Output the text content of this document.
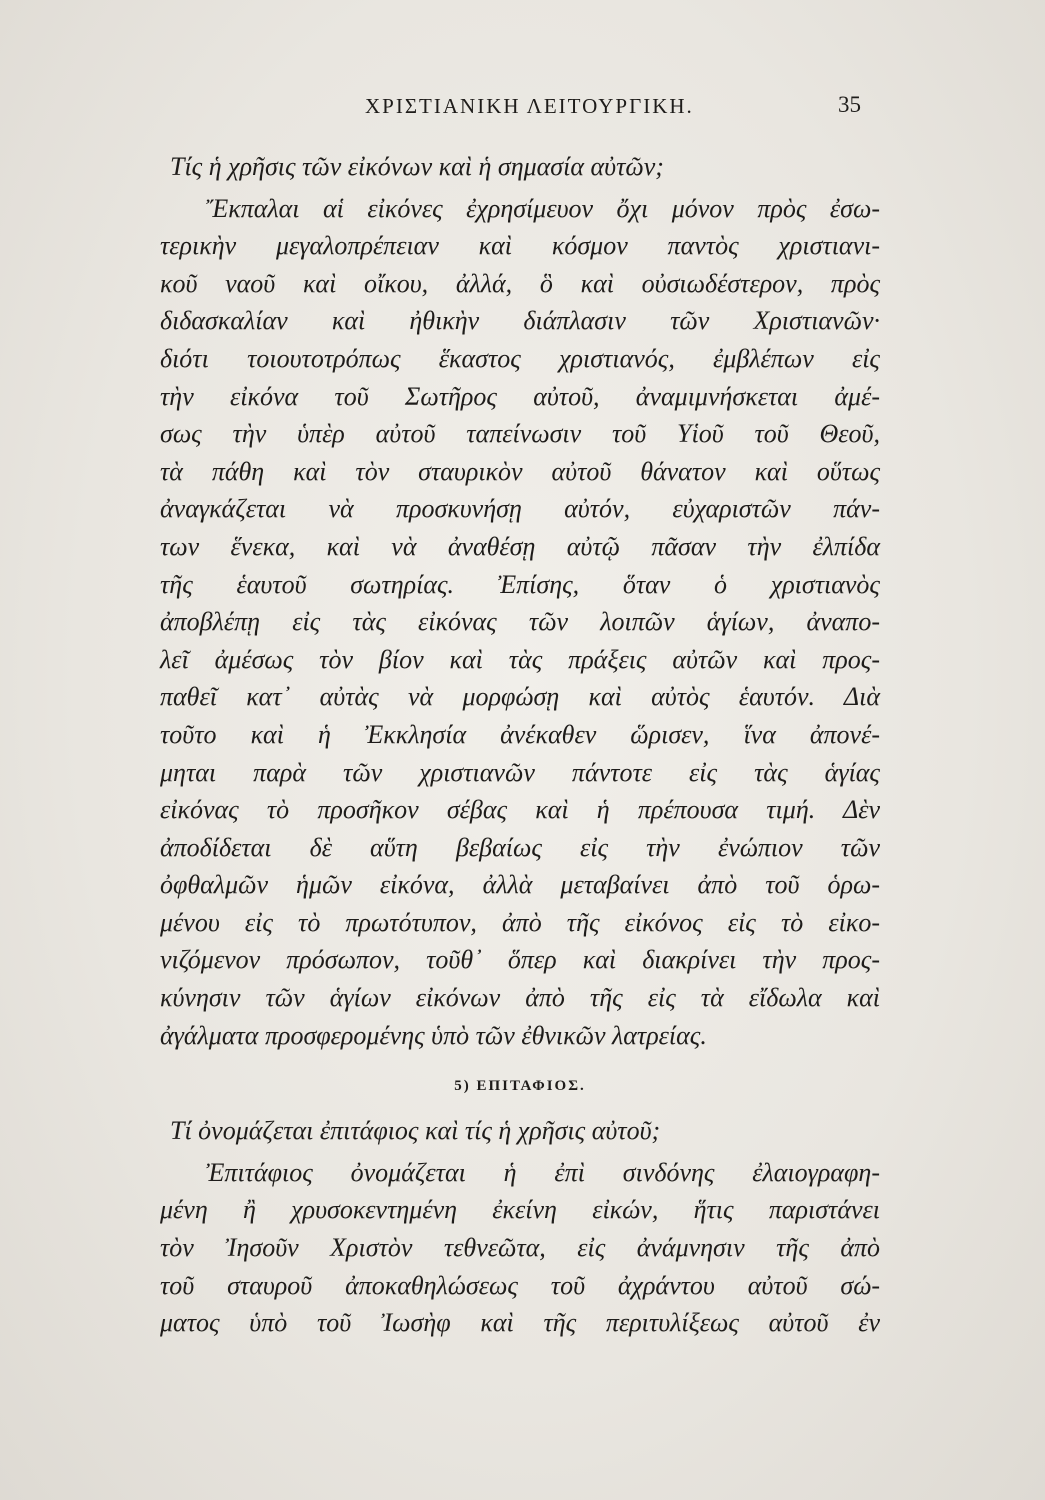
ΧΡΙΣΤΙΑΝΙΚΗ ΛΕΙΤΟΥΡΓΙΚΗ.	35
Τίς ἡ χρῆσις τῶν εἰκόνων καὶ ἡ σημασία αὐτῶν;
Ἔκπαλαι αἱ εἰκόνες ἐχρησίμευον ὄχι μόνον πρὸς ἐσω-
τερικὴν μεγαλοπρέπειαν καὶ κόσμον παντὸς χριστιανι-
κοῦ ναοῦ καὶ οἴκου, ἀλλά, ὃ καὶ οὐσιωδέστερον, πρὸς
διδασκαλίαν καὶ ἠθικὴν διάπλασιν τῶν Χριστιανῶν·
διότι τοιουτοτρόπως ἕκαστος χριστιανός, ἐμβλέπων εἰς
τὴν εἰκόνα τοῦ Σωτῆρος αὐτοῦ, ἀναμιμνήσκεται ἀμέ-
σως τὴν ὑπὲρ αὐτοῦ ταπείνωσιν τοῦ Υἱοῦ τοῦ Θεοῦ,
τὰ πάθη καὶ τὸν σταυρικὸν αὐτοῦ θάνατον καὶ οὕτως
ἀναγκάζεται νὰ προσκυνήσῃ αὐτόν, εὐχαριστῶν πάν-
των ἕνεκα, καὶ νὰ ἀναθέσῃ αὐτῷ πᾶσαν τὴν ἐλπίδα
τῆς ἑαυτοῦ σωτηρίας. Ἐπίσης, ὅταν ὁ χριστιανὸς
ἀποβλέπῃ εἰς τὰς εἰκόνας τῶν λοιπῶν ἁγίων, ἀναπο-
λεῖ ἀμέσως τὸν βίον καὶ τὰς πράξεις αὐτῶν καὶ προς-
παθεῖ κατ᾽ αὐτὰς νὰ μορφώσῃ καὶ αὐτὸς ἑαυτόν. Διὰ
τοῦτο καὶ ἡ Ἐκκλησία ἀνέκαθεν ὥρισεν, ἵνα ἀπονέ-
μηται παρὰ τῶν χριστιανῶν πάντοτε εἰς τὰς ἁγίας
εἰκόνας τὸ προσῆκον σέβας καὶ ἡ πρέπουσα τιμή. Δὲν
ἀποδίδεται δὲ αὕτη βεβαίως εἰς τὴν ἐνώπιον τῶν
ὀφθαλμῶν ἡμῶν εἰκόνα, ἀλλὰ μεταβαίνει ἀπὸ τοῦ ὁρω-
μένου εἰς τὸ πρωτότυπον, ἀπὸ τῆς εἰκόνος εἰς τὸ εἰκο-
νιζόμενον πρόσωπον, τοῦθ᾽ ὅπερ καὶ διακρίνει τὴν προς-
κύνησιν τῶν ἁγίων εἰκόνων ἀπὸ τῆς εἰς τὰ εἴδωλα καὶ
ἀγάλματα προσφερομένης ὑπὸ τῶν ἐθνικῶν λατρείας.
5) ΕΠΙΤΑΦΙΟΣ.
Τί ὀνομάζεται ἐπιτάφιος καὶ τίς ἡ χρῆσις αὐτοῦ;
Ἐπιτάφιος ὀνομάζεται ἡ ἐπὶ σινδόνης ἐλαιογραφη-
μένη ἢ χρυσοκεντημένη ἐκείνη εἰκών, ἥτις παριστάνει
τὸν Ἰησοῦν Χριστὸν τεθνεῶτα, εἰς ἀνάμνησιν τῆς ἀπὸ
τοῦ σταυροῦ ἀποκαθηλώσεως τοῦ ἀχράντου αὐτοῦ σώ-
ματος ὑπὸ τοῦ Ἰωσὴφ καὶ τῆς περιτυλίξεως αὐτοῦ ἐν
